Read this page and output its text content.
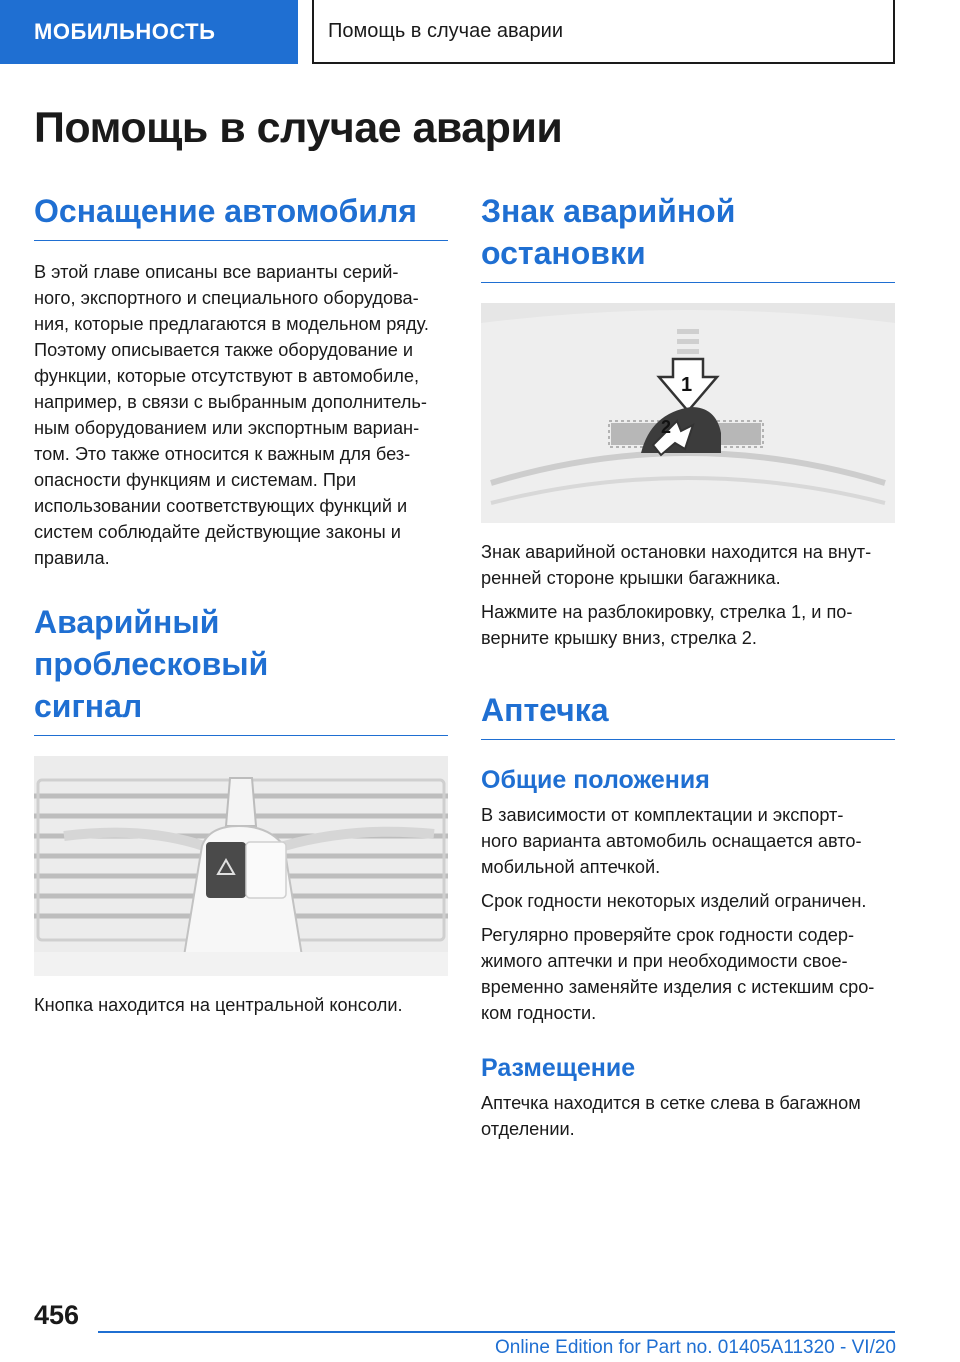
МОБИЛЬНОСТЬ	Помощь в случае аварии
Помощь в случае аварии
Оснащение автомобиля

В этой главе описаны все варианты серий-
ного, экспортного и специального оборудова-
ния, которые предлагаются в модельном ряду.
Поэтому описывается также оборудование и
функции, которые отсутствуют в автомобиле,
например, в связи с выбранным дополнитель-
ным оборудованием или экспортным вариан-
том. Это также относится к важным для без-
опасности функциям и системам. При
использовании соответствующих функций и
систем соблюдайте действующие законы и
правила.

Аварийный проблесковый
сигнал

Кнопка находится на центральной консоли.

Знак аварийной
остановки
1
2

Знак аварийной остановки находится на внут-
ренней стороне крышки багажника.

Нажмите на разблокировку, стрелка 1, и по-
верните крышку вниз, стрелка 2.

Аптечка
Общие положения

В зависимости от комплектации и экспорт-
ного варианта автомобиль оснащается авто-
мобильной аптечкой.

Срок годности некоторых изделий ограничен.

Регулярно проверяйте срок годности содер-
жимого аптечки и при необходимости свое-
временно заменяйте изделия с истекшим сро-
ком годности.

Размещение

Аптечка находится в сетке слева в багажном
отделении.

456
Online Edition for Part no. 01405A11320 - VI/20
